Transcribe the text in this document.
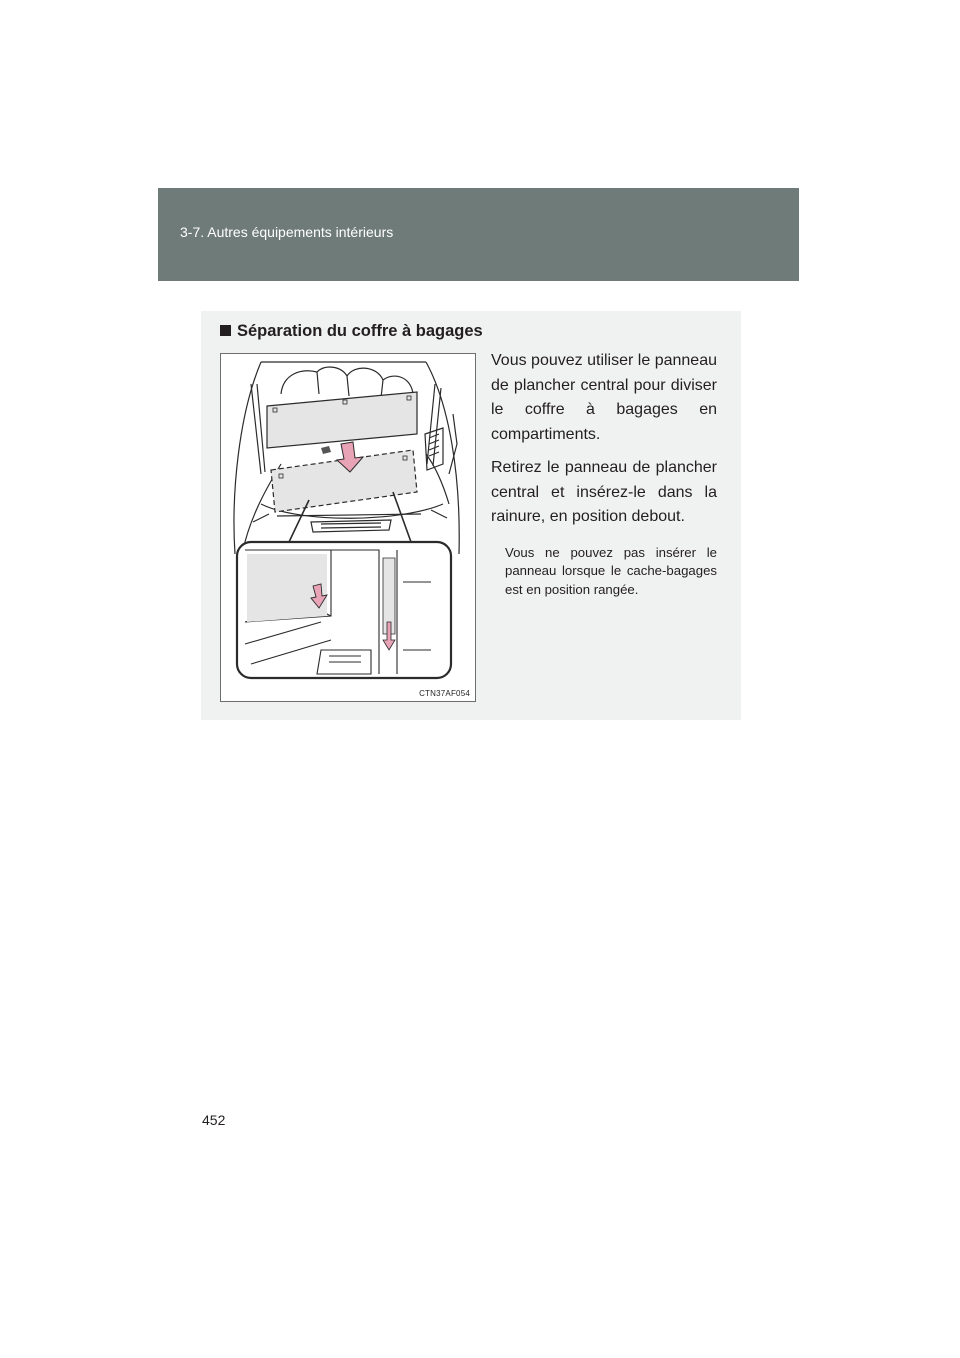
3-7. Autres équipements intérieurs
Séparation du coffre à bagages
CTN37AF054

Vous pouvez utiliser le panneau de plancher central pour diviser le coffre à bagages en compartiments.

Retirez le panneau de plancher central et insérez-le dans la rainure, en position debout.

Vous ne pouvez pas insérer le panneau lorsque le cache-bagages est en position rangée.

452
